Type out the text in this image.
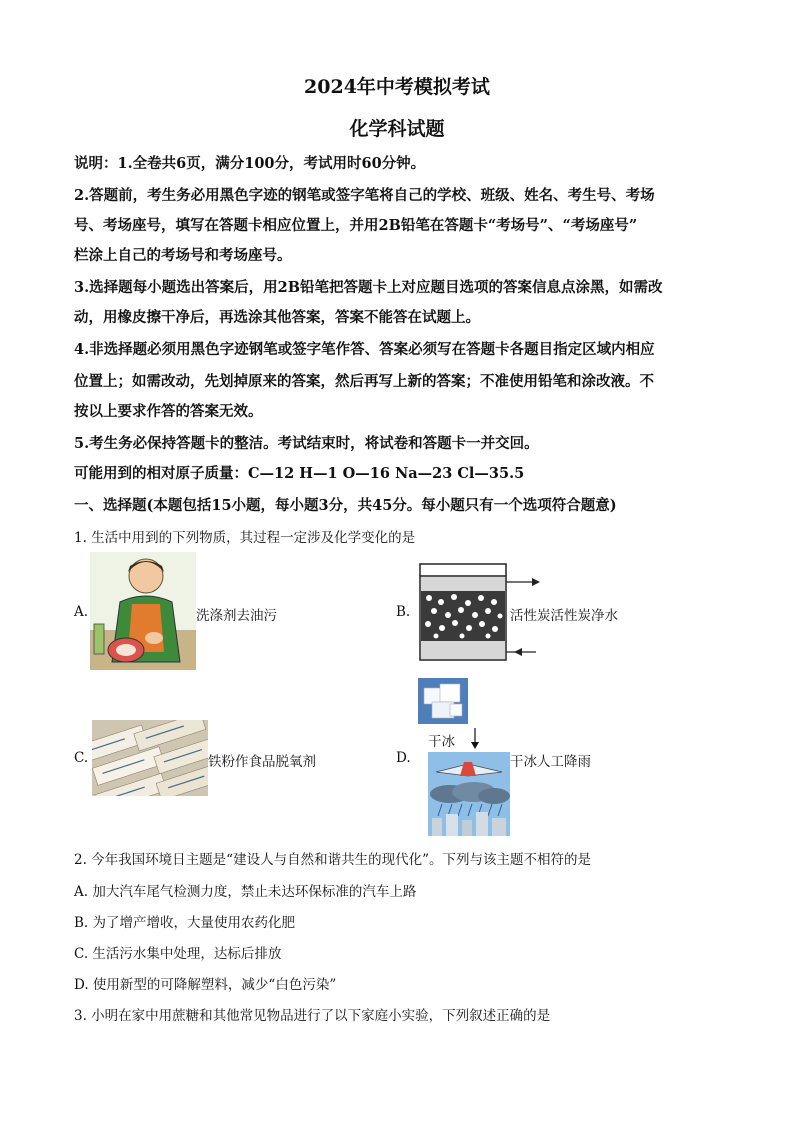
2024年中考模拟考试
化学科试题
说明：1.全卷共6页，满分100分，考试用时60分钟。
2.答题前，考生务必用黑色字迹的钢笔或签字笔将自己的学校、班级、姓名、考生号、考场
号、考场座号，填写在答题卡相应位置上，并用2B铅笔在答题卡“考场号”、“考场座号”
栏涂上自己的考场号和考场座号。
3.选择题每小题选出答案后，用2B铅笔把答题卡上对应题目选项的答案信息点涂黑，如需改
动，用橡皮擦干净后，再选涂其他答案，答案不能答在试题上。
4.非选择题必须用黑色字迹钢笔或签字笔作答、答案必须写在答题卡各题目指定区域内相应
位置上；如需改动，先划掉原来的答案，然后再写上新的答案；不准使用铅笔和涂改液。不
按以上要求作答的答案无效。
5.考生务必保持答题卡的整洁。考试结束时，将试卷和答题卡一并交回。
可能用到的相对原子质量：C—12 H—1 O—16 Na—23 Cl—35.5
一、选择题(本题包括15小题，每小题3分，共45分。每小题只有一个选项符合题意)
1. 生活中用到的下列物质，其过程一定涉及化学变化的是
A.	洗涤剂去油污	B.	活性炭活性炭净水
C.	铁粉作食品脱氧剂	D.
干冰
干冰人工降雨
2. 今年我国环境日主题是“建设人与自然和谐共生的现代化”。下列与该主题不相符的是
A. 加大汽车尾气检测力度，禁止未达环保标准的汽车上路
B. 为了增产增收，大量使用农药化肥
C. 生活污水集中处理，达标后排放
D. 使用新型的可降解塑料，减少“白色污染”
3. 小明在家中用蔗糖和其他常见物品进行了以下家庭小实验，下列叙述正确的是
